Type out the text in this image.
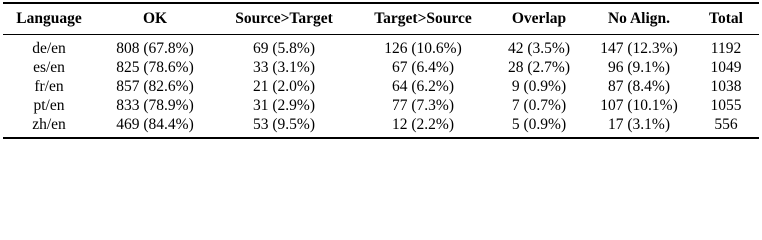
Language	OK	Source>Target	Target>Source	Overlap	No Align.	Total
de/en	808 (67.8%)	69 (5.8%)	126 (10.6%)	42 (3.5%)	147 (12.3%)	1192
es/en	825 (78.6%)	33 (3.1%)	67 (6.4%)	28 (2.7%)	96 (9.1%)	1049
fr/en	857 (82.6%)	21 (2.0%)	64 (6.2%)	9 (0.9%)	87 (8.4%)	1038
pt/en	833 (78.9%)	31 (2.9%)	77 (7.3%)	7 (0.7%)	107 (10.1%)	1055
zh/en	469 (84.4%)	53 (9.5%)	12 (2.2%)	5 (0.9%)	17 (3.1%)	556
